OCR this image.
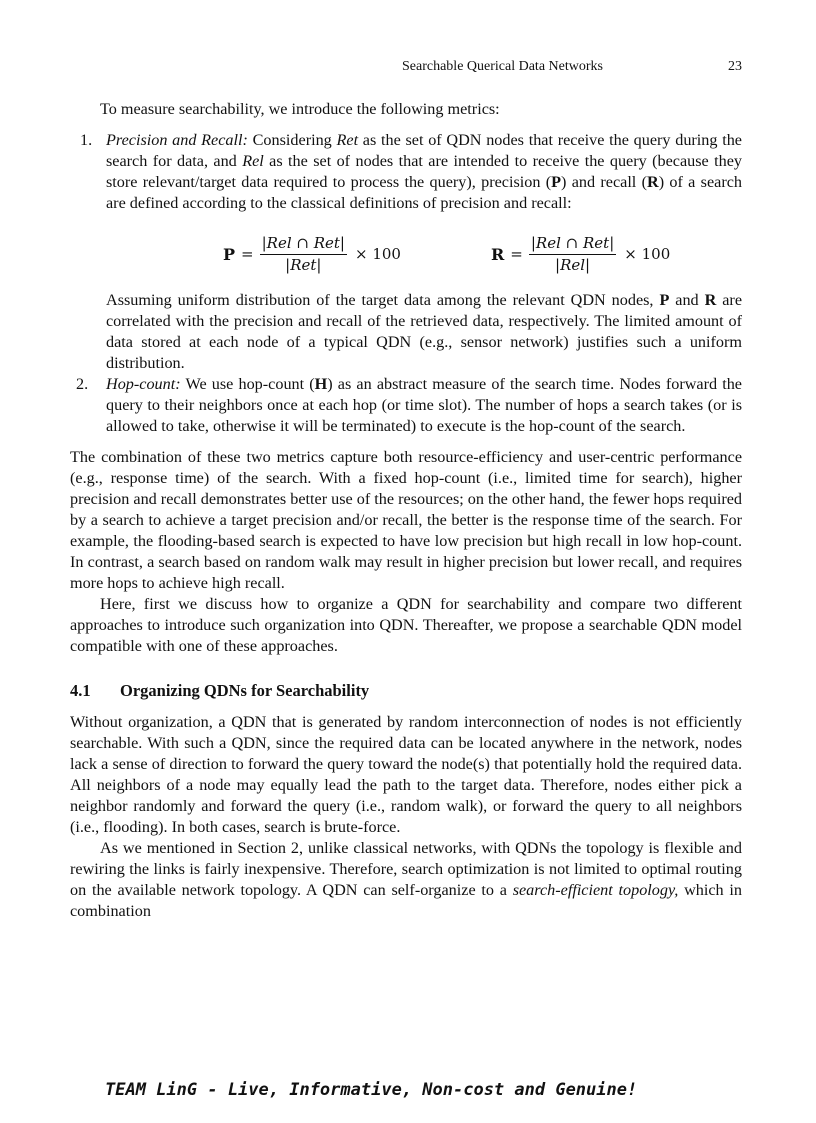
Searchable Querical Data Networks	23

To measure searchability, we introduce the following metrics:

1. Precision and Recall: Considering Ret as the set of QDN nodes that receive the query during the search for data, and Rel as the set of nodes that are intended to receive the query (because they store relevant/target data required to process the query), precision (P) and recall (R) of a search are defined according to the classical definitions of precision and recall:

$P = \frac{\text{|Rel ∩ Ret|}}{\text{|Ret|}} \times 100$	$R = \frac{\text{|Rel ∩ Ret|}}{\text{|Rel|}} \times 100$

Assuming uniform distribution of the target data among the relevant QDN nodes, P and R are correlated with the precision and recall of the retrieved data, respectively. The limited amount of data stored at each node of a typical QDN (e.g., sensor network) justifies such a uniform distribution.

2. Hop-count: We use hop-count (H) as an abstract measure of the search time. Nodes forward the query to their neighbors once at each hop (or time slot). The number of hops a search takes (or is allowed to take, otherwise it will be terminated) to execute is the hop-count of the search.

The combination of these two metrics capture both resource-efficiency and user-centric performance (e.g., response time) of the search. With a fixed hop-count (i.e., limited time for search), higher precision and recall demonstrates better use of the resources; on the other hand, the fewer hops required by a search to achieve a target precision and/or recall, the better is the response time of the search. For example, the flooding-based search is expected to have low precision but high recall in low hop-count. In contrast, a search based on random walk may result in higher precision but lower recall, and requires more hops to achieve high recall.

Here, first we discuss how to organize a QDN for searchability and compare two different approaches to introduce such organization into QDN. Thereafter, we propose a searchable QDN model compatible with one of these approaches.

4.1 Organizing QDNs for Searchability

Without organization, a QDN that is generated by random interconnection of nodes is not efficiently searchable. With such a QDN, since the required data can be located anywhere in the network, nodes lack a sense of direction to forward the query toward the node(s) that potentially hold the required data. All neighbors of a node may equally lead the path to the target data. Therefore, nodes either pick a neighbor randomly and forward the query (i.e., random walk), or forward the query to all neighbors (i.e., flooding). In both cases, search is brute-force.

As we mentioned in Section 2, unlike classical networks, with QDNs the topology is flexible and rewiring the links is fairly inexpensive. Therefore, search optimization is not limited to optimal routing on the available network topology. A QDN can self-organize to a search-efficient topology, which in combination

TEAM LinG - Live, Informative, Non-cost and Genuine!
